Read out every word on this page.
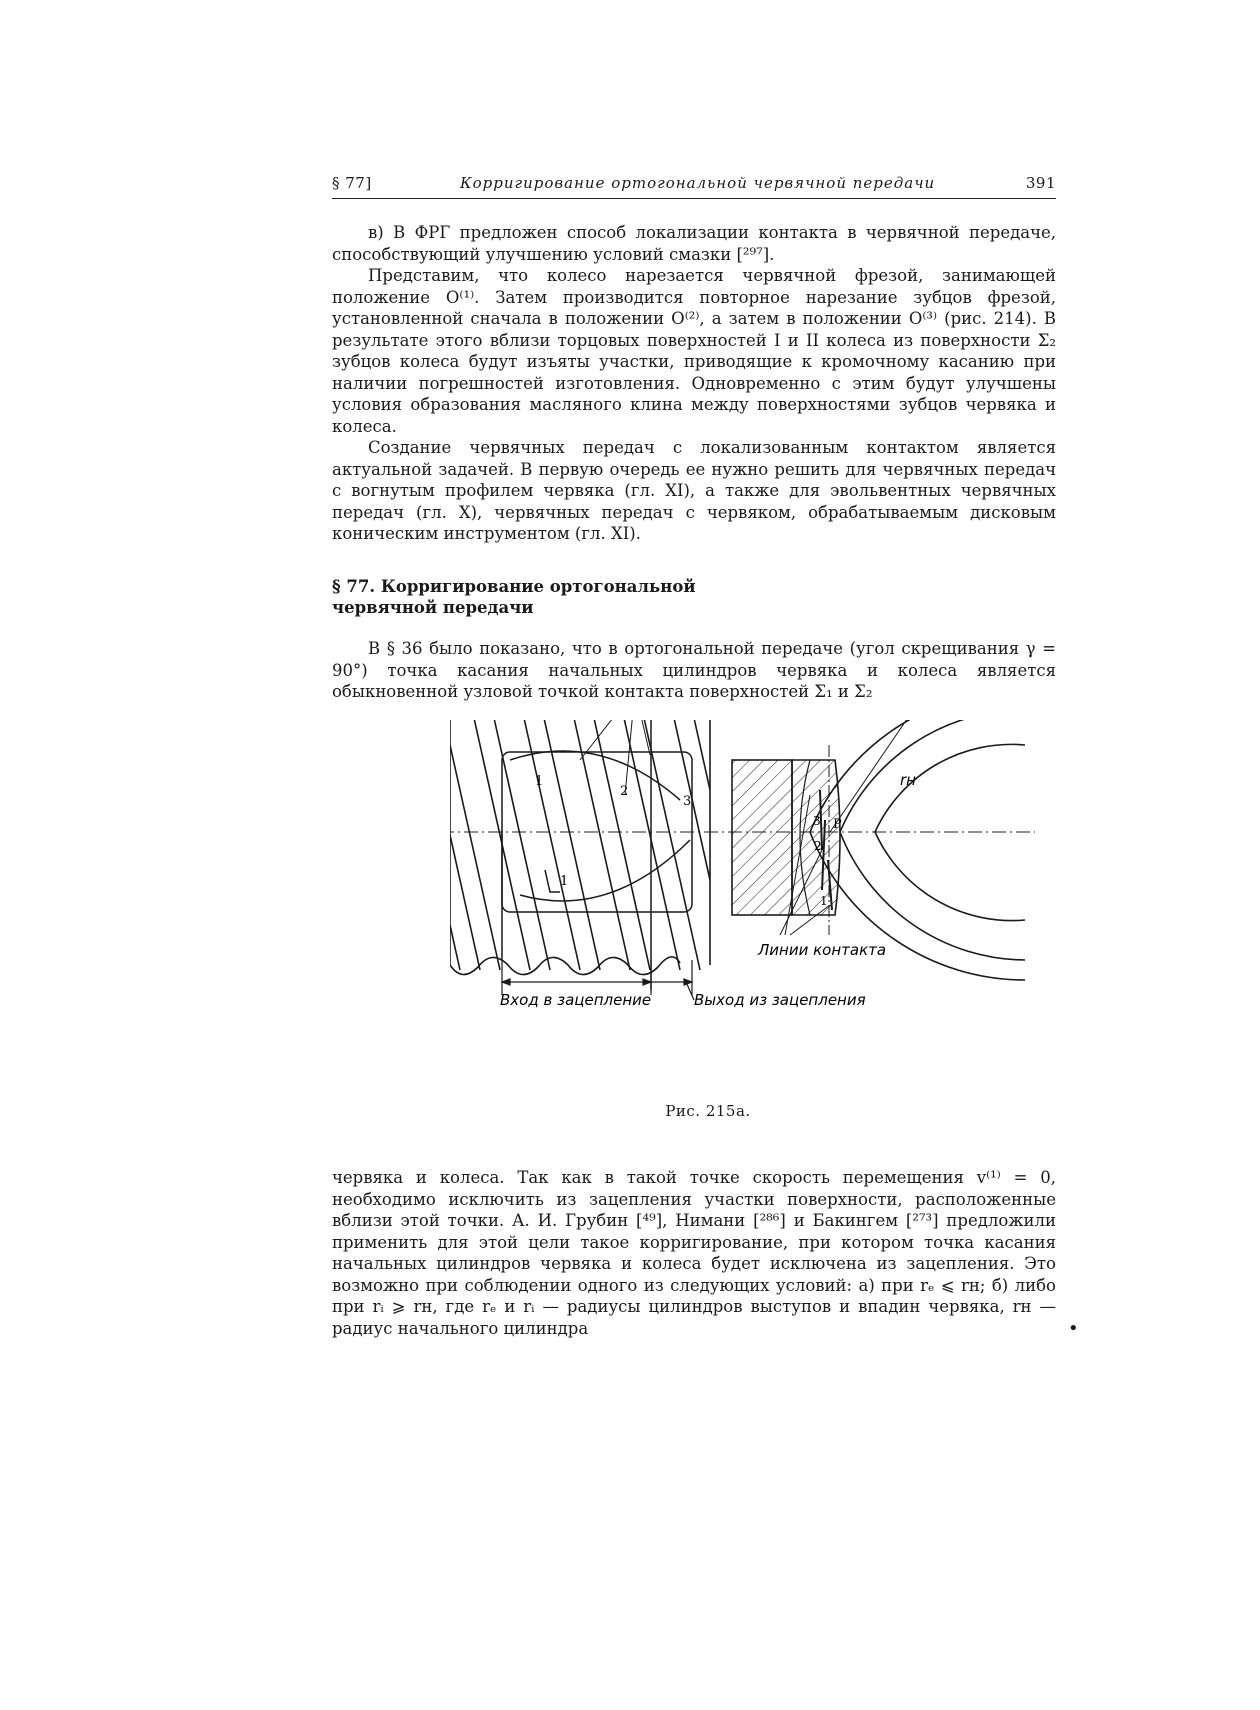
§ 77]	Корригирование ортогональной червячной передачи	391

в) В ФРГ предложен способ локализации контакта в червячной передаче, способствующий улучшению условий смазки [²⁹⁷].

Представим, что колесо нарезается червячной фрезой, занимающей положение O⁽¹⁾. Затем производится повторное нарезание зубцов фрезой, установленной сначала в положении O⁽²⁾, а затем в положении O⁽³⁾ (рис. 214). В результате этого вблизи торцовых поверхностей I и II колеса из поверхности Σ₂ зубцов колеса будут изъяты участки, приводящие к кромочному касанию при наличии погрешностей изготовления. Одновременно с этим будут улучшены условия образования масляного клина между поверхностями зубцов червяка и колеса.

Создание червячных передач с локализованным контактом является актуальной задачей. В первую очередь ее нужно решить для червячных передач с вогнутым профилем червяка (гл. XI), а также для эвольвентных червячных передач (гл. X), червячных передач с червяком, обрабатываемым дисковым коническим инструментом (гл. XI).

§ 77. Корригирование ортогональной червячной передачи

В § 36 было показано, что в ортогональной передаче (угол скрещивания γ = 90°) точка касания начальных цилиндров червяка и колеса является обыкновенной узловой точкой контакта поверхностей Σ₁ и Σ₂

1
2
3
1
Вход в зацепление	Выход из зацепления
rн
P
3
2
1
Линии контакта
Рис. 215а.

червяка и колеса. Так как в такой точке скорость перемещения v⁽¹⁾ = 0, необходимо исключить из зацепления участки поверхности, расположенные вблизи этой точки. А. И. Грубин [⁴⁹], Нимани [²⁸⁶] и Бакингем [²⁷³] предложили применить для этой цели такое корригирование, при котором точка касания начальных цилиндров червяка и колеса будет исключена из зацепления. Это возможно при соблюдении одного из следующих условий: а) при rₑ ⩽ rн; б) либо при rᵢ ⩾ rн, где rₑ и rᵢ — радиусы цилиндров выступов и впадин червяка, rн — радиус начального цилиндра	•
